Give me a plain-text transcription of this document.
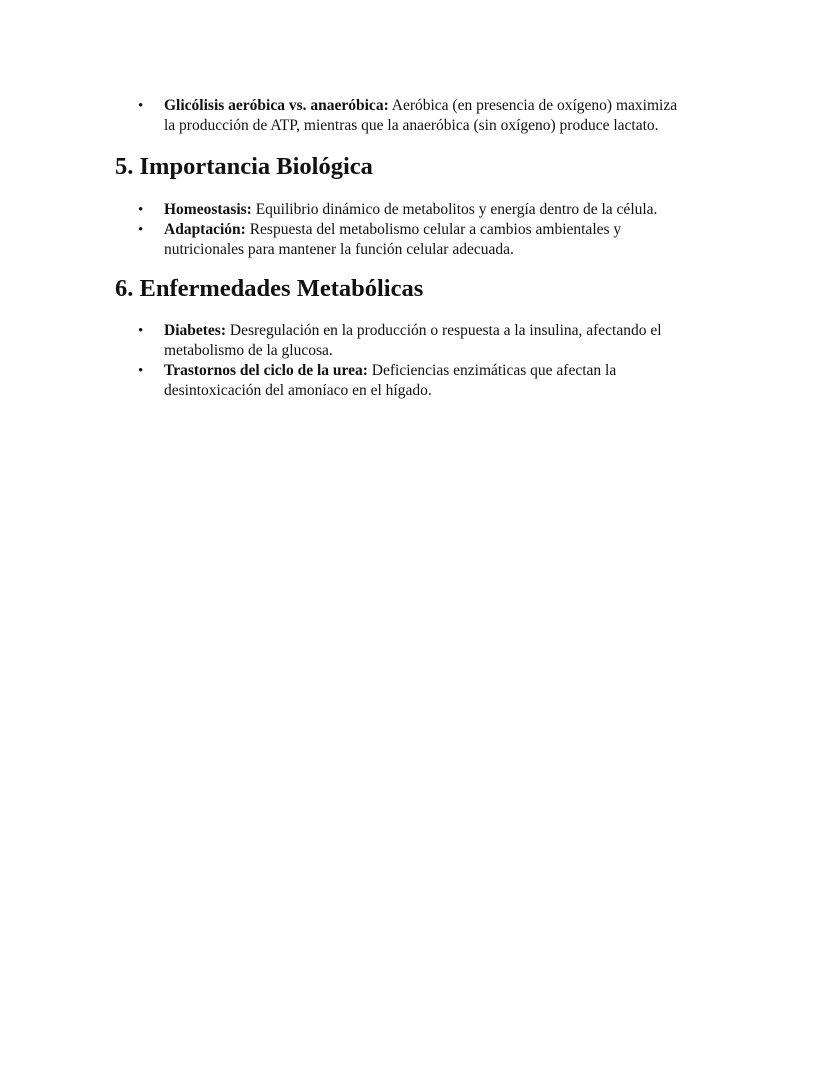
• Glicólisis aeróbica vs. anaeróbica: Aeróbica (en presencia de oxígeno) maximiza
la producción de ATP, mientras que la anaeróbica (sin oxígeno) produce lactato.
5. Importancia Biológica
• Homeostasis: Equilibrio dinámico de metabolitos y energía dentro de la célula.
• Adaptación: Respuesta del metabolismo celular a cambios ambientales y
nutricionales para mantener la función celular adecuada.
6. Enfermedades Metabólicas
• Diabetes: Desregulación en la producción o respuesta a la insulina, afectando el
metabolismo de la glucosa.
• Trastornos del ciclo de la urea: Deficiencias enzimáticas que afectan la
desintoxicación del amoníaco en el hígado.
